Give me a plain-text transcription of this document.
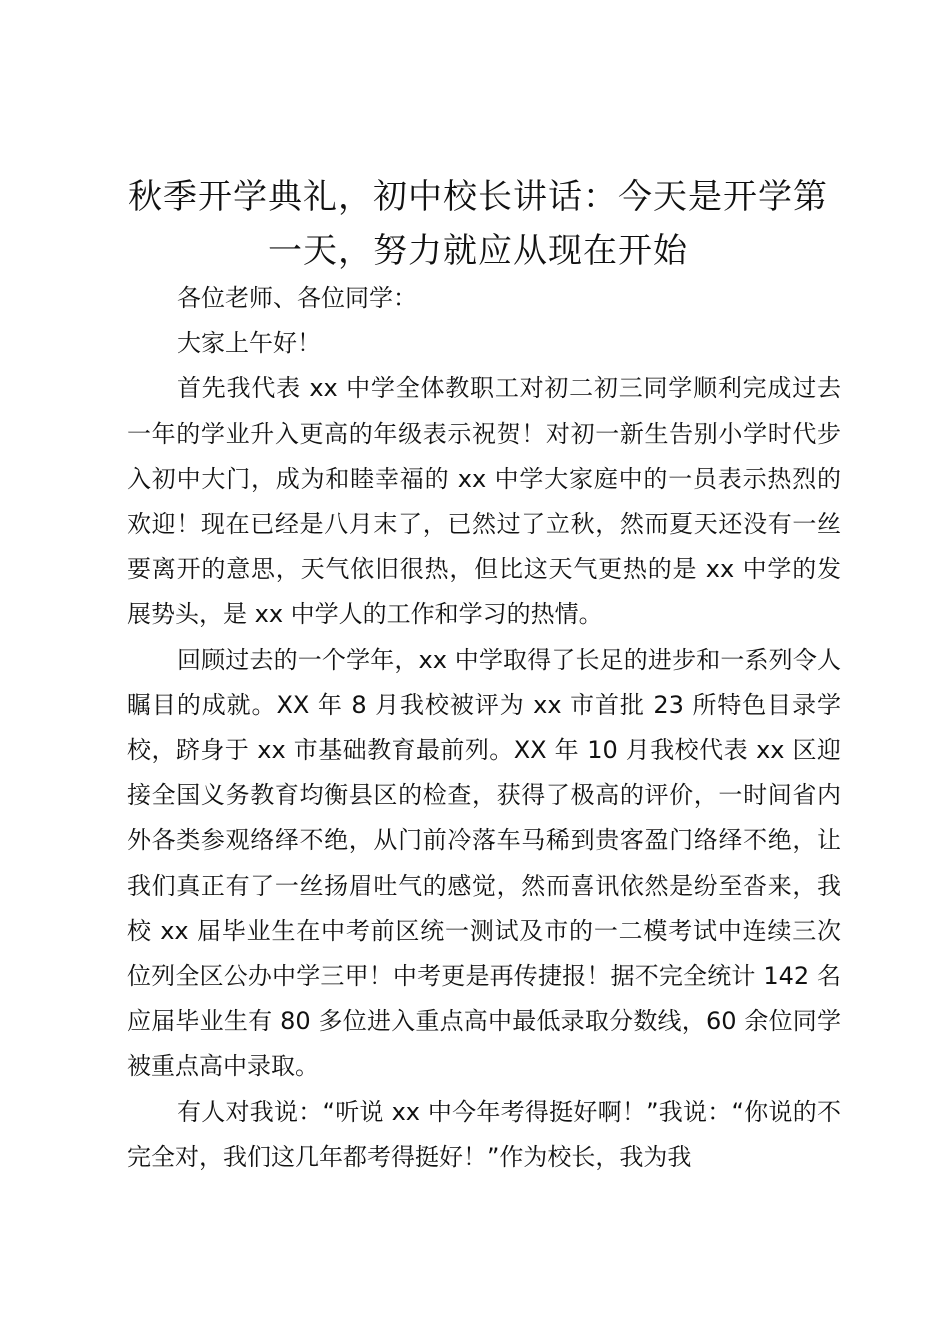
秋季开学典礼，初中校长讲话：今天是开学第
一天，努力就应从现在开始

各位老师、各位同学：

大家上午好！

首先我代表 xx 中学全体教职工对初二初三同学顺利完成过去一年的学业升入更高的年级表示祝贺！对初一新生告别小学时代步入初中大门，成为和睦幸福的 xx 中学大家庭中的一员表示热烈的欢迎！现在已经是八月末了，已然过了立秋，然而夏天还没有一丝要离开的意思，天气依旧很热，但比这天气更热的是 xx 中学的发展势头，是 xx 中学人的工作和学习的热情。

回顾过去的一个学年，xx 中学取得了长足的进步和一系列令人瞩目的成就。XX 年 8 月我校被评为 xx 市首批 23 所特色目录学校，跻身于 xx 市基础教育最前列。XX 年 10 月我校代表 xx 区迎接全国义务教育均衡县区的检查，获得了极高的评价，一时间省内外各类参观络绎不绝，从门前冷落车马稀到贵客盈门络绎不绝，让我们真正有了一丝扬眉吐气的感觉，然而喜讯依然是纷至沓来，我校 xx 届毕业生在中考前区统一测试及市的一二模考试中连续三次位列全区公办中学三甲！中考更是再传捷报！据不完全统计 142 名应届毕业生有 80 多位进入重点高中最低录取分数线，60 余位同学被重点高中录取。

有人对我说：“听说 xx 中今年考得挺好啊！”我说：“你说的不完全对，我们这几年都考得挺好！”作为校长，我为我
